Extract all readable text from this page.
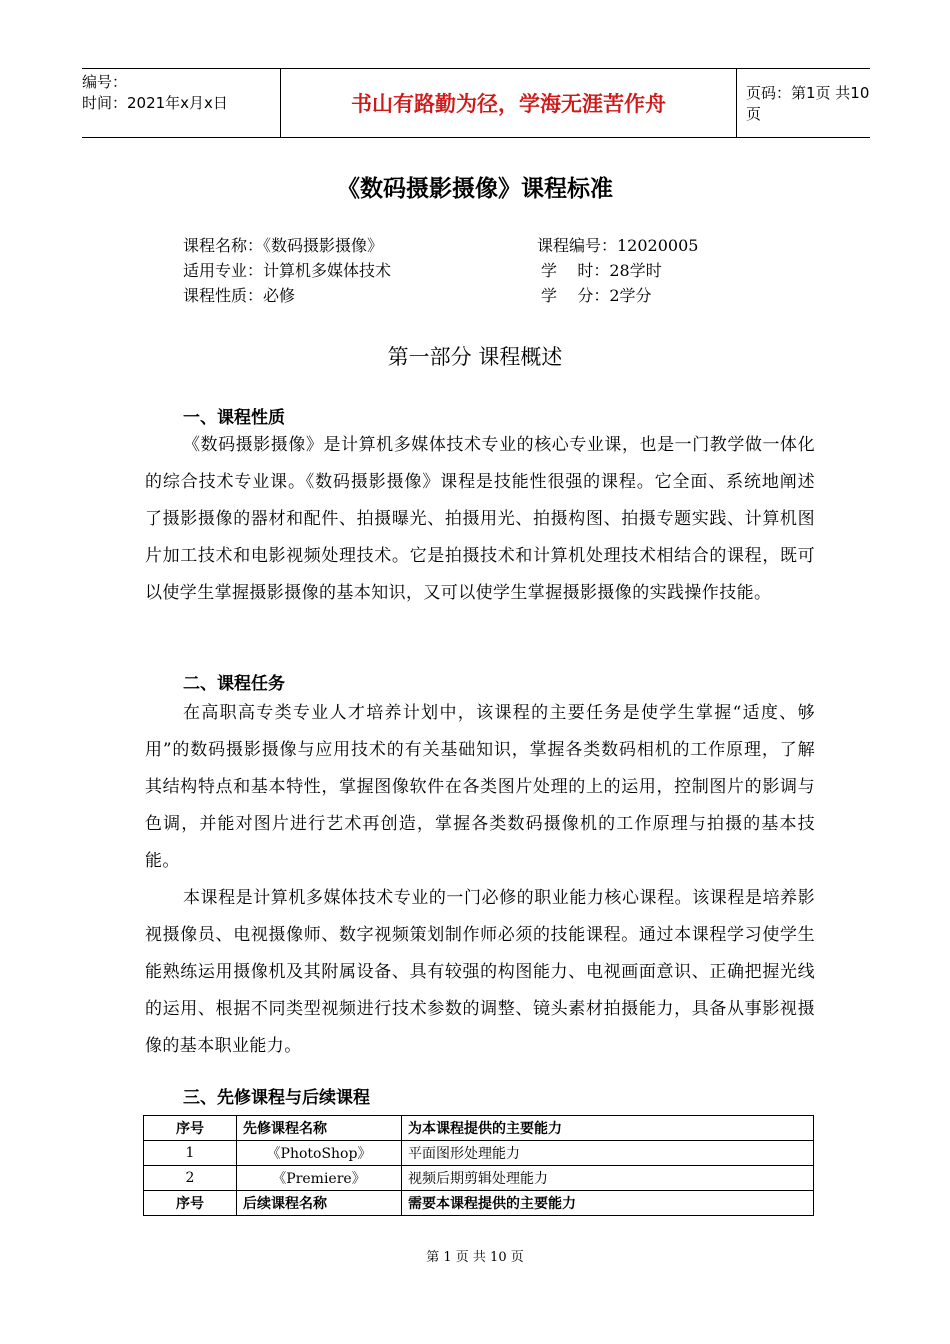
编号：
时间：2021年x月x日	书山有路勤为径，学海无涯苦作舟	页码：第1页 共10页
《数码摄影摄像》课程标准
课程名称：《数码摄影摄像》	课程编号：12020005
适用专业：计算机多媒体技术	学    时：28学时
课程性质：必修	学    分：2学分
第一部分 课程概述
一、课程性质

《数码摄影摄像》是计算机多媒体技术专业的核心专业课，也是一门教学做一体化的综合技术专业课。《数码摄影摄像》课程是技能性很强的课程。它全面、系统地阐述了摄影摄像的器材和配件、拍摄曝光、拍摄用光、拍摄构图、拍摄专题实践、计算机图片加工技术和电影视频处理技术。它是拍摄技术和计算机处理技术相结合的课程，既可以使学生掌握摄影摄像的基本知识，又可以使学生掌握摄影摄像的实践操作技能。

二、课程任务

在高职高专类专业人才培养计划中，该课程的主要任务是使学生掌握“适度、够用”的数码摄影摄像与应用技术的有关基础知识，掌握各类数码相机的工作原理，了解其结构特点和基本特性，掌握图像软件在各类图片处理的上的运用，控制图片的影调与色调，并能对图片进行艺术再创造，掌握各类数码摄像机的工作原理与拍摄的基本技能。

本课程是计算机多媒体技术专业的一门必修的职业能力核心课程。该课程是培养影视摄像员、电视摄像师、数字视频策划制作师必须的技能课程。通过本课程学习使学生能熟练运用摄像机及其附属设备、具有较强的构图能力、电视画面意识、正确把握光线的运用、根据不同类型视频进行技术参数的调整、镜头素材拍摄能力，具备从事影视摄像的基本职业能力。

三、先修课程与后续课程
序号	先修课程名称	为本课程提供的主要能力
1	《PhotoShop》	平面图形处理能力
2	《Premiere》	视频后期剪辑处理能力
序号	后续课程名称	需要本课程提供的主要能力
第 1 页 共 10 页
